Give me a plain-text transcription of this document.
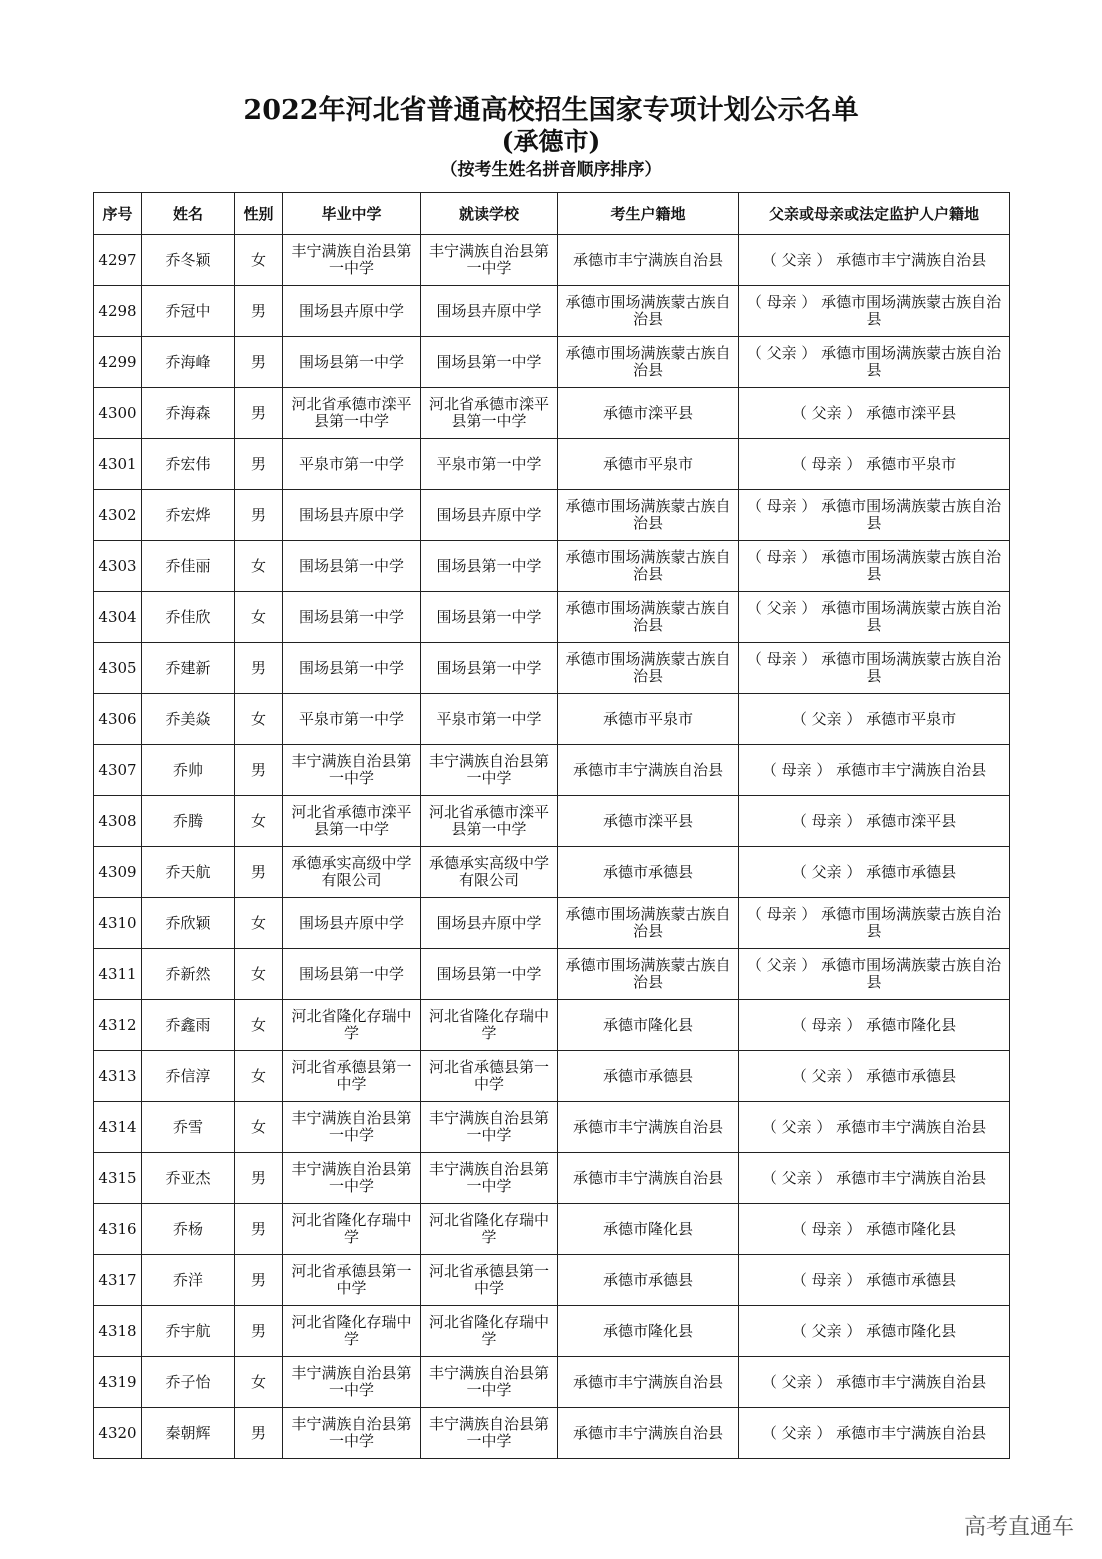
2022年河北省普通高校招生国家专项计划公示名单
(承德市)
（按考生姓名拼音顺序排序）
序号	姓名	性别	毕业中学	就读学校	考生户籍地	父亲或母亲或法定监护人户籍地
4297	乔冬颖	女	丰宁满族自治县第一中学	丰宁满族自治县第一中学	承德市丰宁满族自治县	（ 父亲 ） 承德市丰宁满族自治县
4298	乔冠中	男	围场县卉原中学	围场县卉原中学	承德市围场满族蒙古族自治县	（ 母亲 ） 承德市围场满族蒙古族自治县
4299	乔海峰	男	围场县第一中学	围场县第一中学	承德市围场满族蒙古族自治县	（ 父亲 ） 承德市围场满族蒙古族自治县
4300	乔海森	男	河北省承德市滦平县第一中学	河北省承德市滦平县第一中学	承德市滦平县	（ 父亲 ） 承德市滦平县
4301	乔宏伟	男	平泉市第一中学	平泉市第一中学	承德市平泉市	（ 母亲 ） 承德市平泉市
4302	乔宏烨	男	围场县卉原中学	围场县卉原中学	承德市围场满族蒙古族自治县	（ 母亲 ） 承德市围场满族蒙古族自治县
4303	乔佳丽	女	围场县第一中学	围场县第一中学	承德市围场满族蒙古族自治县	（ 母亲 ） 承德市围场满族蒙古族自治县
4304	乔佳欣	女	围场县第一中学	围场县第一中学	承德市围场满族蒙古族自治县	（ 父亲 ） 承德市围场满族蒙古族自治县
4305	乔建新	男	围场县第一中学	围场县第一中学	承德市围场满族蒙古族自治县	（ 母亲 ） 承德市围场满族蒙古族自治县
4306	乔美焱	女	平泉市第一中学	平泉市第一中学	承德市平泉市	（ 父亲 ） 承德市平泉市
4307	乔帅	男	丰宁满族自治县第一中学	丰宁满族自治县第一中学	承德市丰宁满族自治县	（ 母亲 ） 承德市丰宁满族自治县
4308	乔腾	女	河北省承德市滦平县第一中学	河北省承德市滦平县第一中学	承德市滦平县	（ 母亲 ） 承德市滦平县
4309	乔天航	男	承德承实高级中学有限公司	承德承实高级中学有限公司	承德市承德县	（ 父亲 ） 承德市承德县
4310	乔欣颖	女	围场县卉原中学	围场县卉原中学	承德市围场满族蒙古族自治县	（ 母亲 ） 承德市围场满族蒙古族自治县
4311	乔新然	女	围场县第一中学	围场县第一中学	承德市围场满族蒙古族自治县	（ 父亲 ） 承德市围场满族蒙古族自治县
4312	乔鑫雨	女	河北省隆化存瑞中学	河北省隆化存瑞中学	承德市隆化县	（ 母亲 ） 承德市隆化县
4313	乔信淳	女	河北省承德县第一中学	河北省承德县第一中学	承德市承德县	（ 父亲 ） 承德市承德县
4314	乔雪	女	丰宁满族自治县第一中学	丰宁满族自治县第一中学	承德市丰宁满族自治县	（ 父亲 ） 承德市丰宁满族自治县
4315	乔亚杰	男	丰宁满族自治县第一中学	丰宁满族自治县第一中学	承德市丰宁满族自治县	（ 父亲 ） 承德市丰宁满族自治县
4316	乔杨	男	河北省隆化存瑞中学	河北省隆化存瑞中学	承德市隆化县	（ 母亲 ） 承德市隆化县
4317	乔洋	男	河北省承德县第一中学	河北省承德县第一中学	承德市承德县	（ 母亲 ） 承德市承德县
4318	乔宇航	男	河北省隆化存瑞中学	河北省隆化存瑞中学	承德市隆化县	（ 父亲 ） 承德市隆化县
4319	乔子怡	女	丰宁满族自治县第一中学	丰宁满族自治县第一中学	承德市丰宁满族自治县	（ 父亲 ） 承德市丰宁满族自治县
4320	秦朝辉	男	丰宁满族自治县第一中学	丰宁满族自治县第一中学	承德市丰宁满族自治县	（ 父亲 ） 承德市丰宁满族自治县
高考直通车
